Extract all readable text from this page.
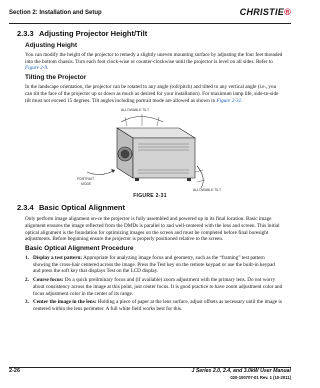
Section 2: Installation and Setup	CHRISTIE®
2.3.3 Adjusting Projector Height/Tilt
Adjusting Height

You can modify the height of the projector to remedy a slightly uneven mounting surface by adjusting the four feet threaded into the bottom chassis. Turn each foot clock-wise or counter-clockwise until the projector is level on all sides. Refer to Figure 2-9.

Tilting the Projector

In the landscape orientation, the projector can be rotated to any angle (roll/pitch) and tilted to any vertical angle (i.e., you can tilt the face of the projector up or down as much as desired for your installation). For maximum lamp life, side-to-side tilt must not exceed 15 degrees. Tilt angles including portrait mode are allowed as shown in Figure 2-31.

ALLOWABLE TILT
PORTRAIT
MODE
ALLOWABLE TILT
FIGURE 2-31
2.3.4 Basic Optical Alignment

Only perform image alignment on-ce the projector is fully assembled and powered up in its final location. Basic image alignment ensures the image reflected from the DMDs is parallel to and well-centered with the lens and screen. This initial optical alignment is the foundation for optimizing images on the screen and must be completed before final boresight adjustments. Before beginning ensure the projector is properly positioned relative to the screen.

Basic Optical Alignment Procedure
1. Display a test pattern: Appropriate for analyzing image focus and geometry, such as the “framing” test pattern showing the cross-hair centered across the image. Press the Test key on the remote keypad or use the built-in keypad and press the soft key that displays Test on the LCD display.
2. Course focus: Do a quick preliminary focus and (if available) zoom adjustment with the primary lens. Do not worry about consistency across the image at this point, just center focus. It is good practice to have zoom adjustment color and focus adjustment color in the center of its range.
3. Center the image in the lens: Holding a piece of paper at the lens surface, adjust offsets as necessary until the image is centered within the lens perimeter. A full white field works best for this.
2-26	J Series 2.0, 2.4, and 3.0kW User Manual
020-100707-01 Rev. 1 (10-2011)
